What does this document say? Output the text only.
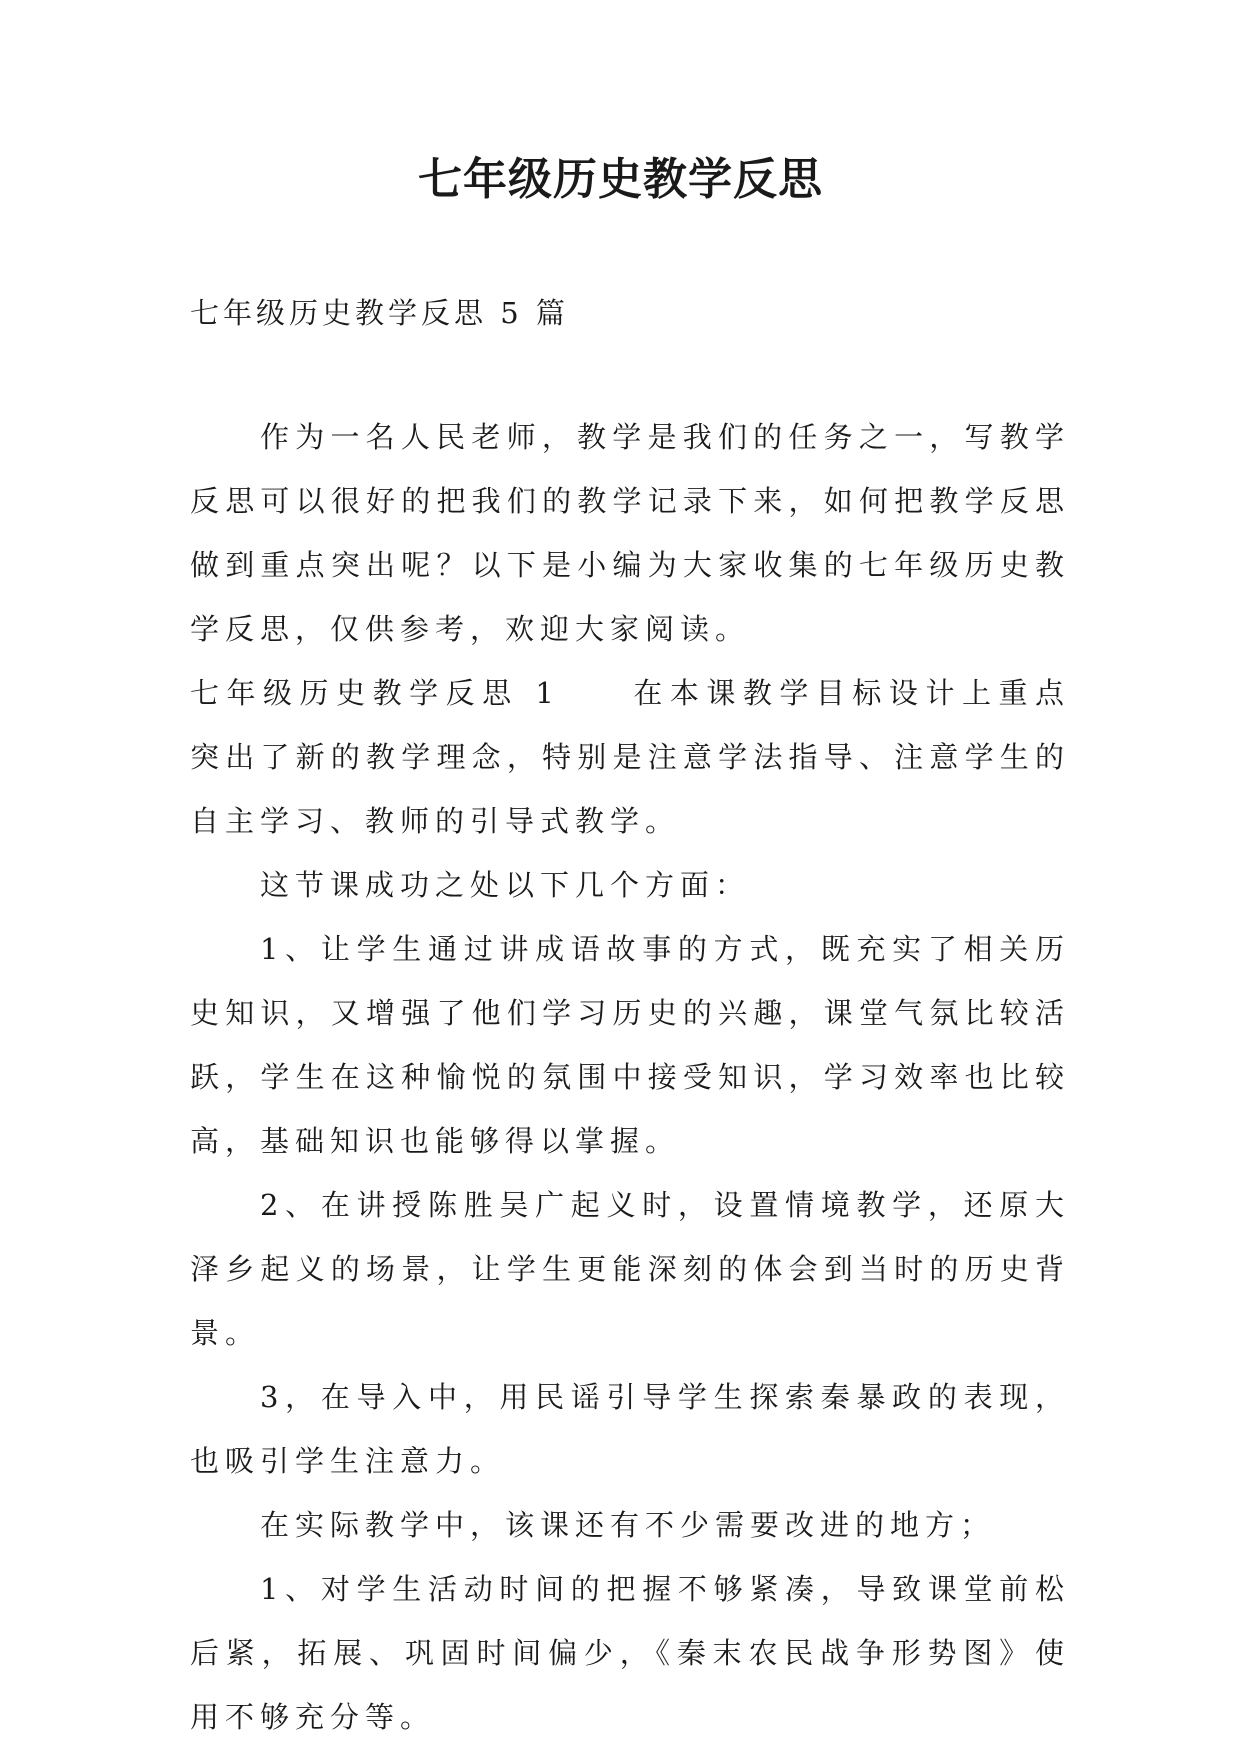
七年级历史教学反思
七年级历史教学反思 5 篇

作为一名人民老师，教学是我们的任务之一，写教学反思可以很好的把我们的教学记录下来，如何把教学反思做到重点突出呢？以下是小编为大家收集的七年级历史教学反思，仅供参考，欢迎大家阅读。

七年级历史教学反思 1 在本课教学目标设计上重点突出了新的教学理念，特别是注意学法指导、注意学生的自主学习、教师的引导式教学。

这节课成功之处以下几个方面：

1、让学生通过讲成语故事的方式，既充实了相关历史知识，又增强了他们学习历史的兴趣，课堂气氛比较活跃，学生在这种愉悦的氛围中接受知识，学习效率也比较高，基础知识也能够得以掌握。

2、在讲授陈胜吴广起义时，设置情境教学，还原大泽乡起义的场景，让学生更能深刻的体会到当时的历史背景。

3，在导入中，用民谣引导学生探索秦暴政的表现，也吸引学生注意力。

在实际教学中，该课还有不少需要改进的地方；

1、对学生活动时间的把握不够紧凑，导致课堂前松后紧，拓展、巩固时间偏少，《秦末农民战争形势图》使用不够充分等。
